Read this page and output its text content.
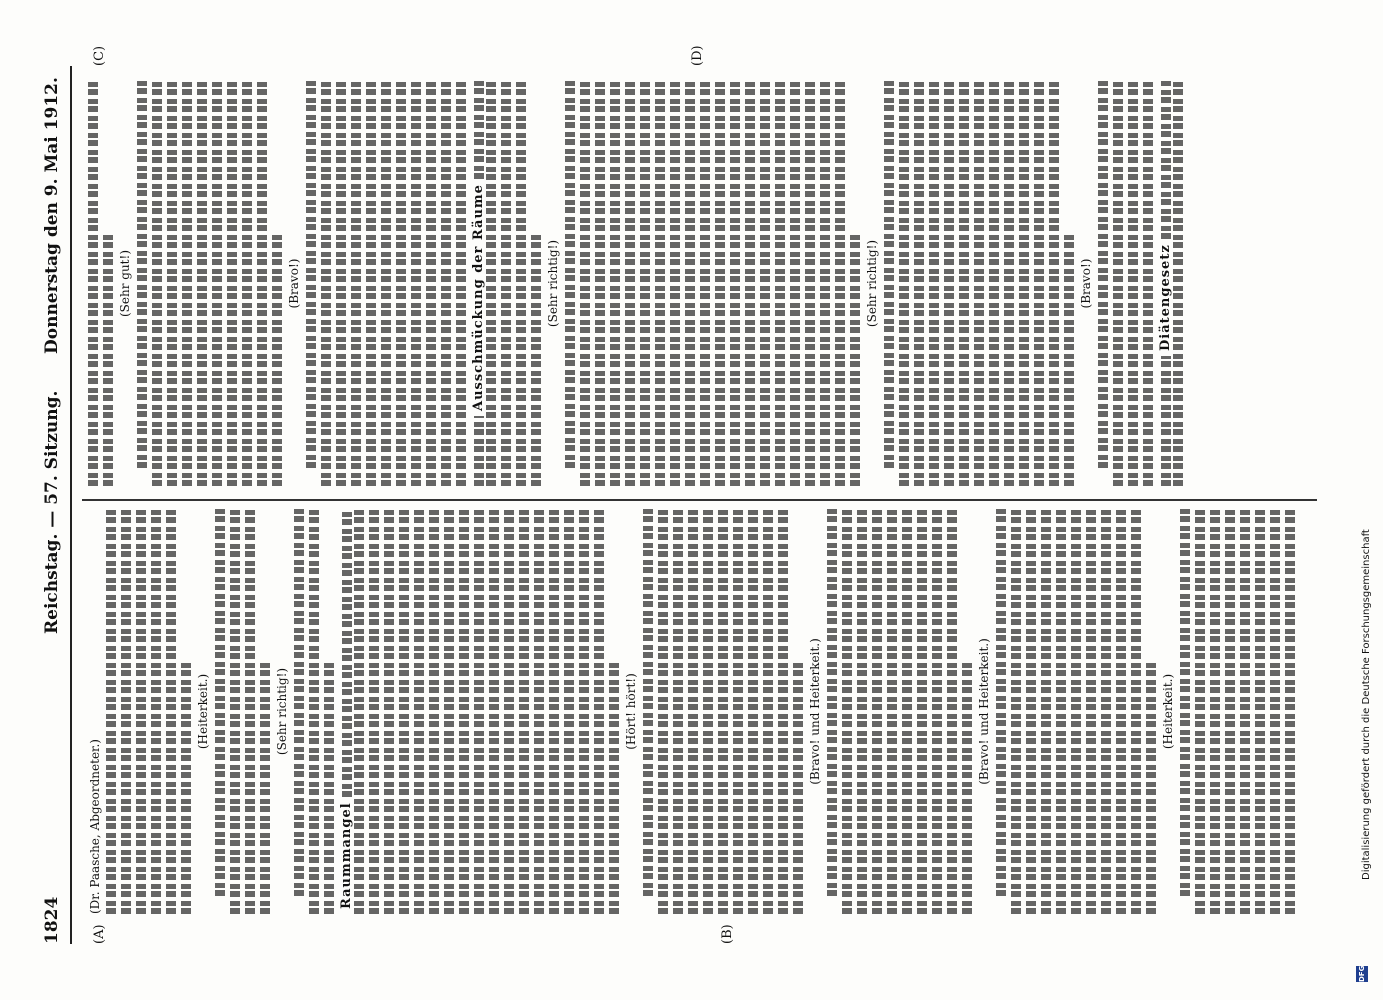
1824
Reichstag. — 57. Sitzung.
Donnerstag den 9. Mai 1912.
(A)	(B)
(C)	(D)
(Dr. Paasche, Abgeordneter.)
(Heiterkeit.)	(Sehr richtig!)
Raummangel
(Hört! hört!)	(Bravo! und Heiterkeit.)	(Bravo! und Heiterkeit.)	(Heiterkeit.)
(Sehr gut!)	(Bravo!)	Ausschmückung der Räume	(Sehr richtig!)	(Sehr richtig!)	(Bravo!)	Diätengesetz
DFG
Digitalisierung gefördert durch die Deutsche Forschungsgemeinschaft
